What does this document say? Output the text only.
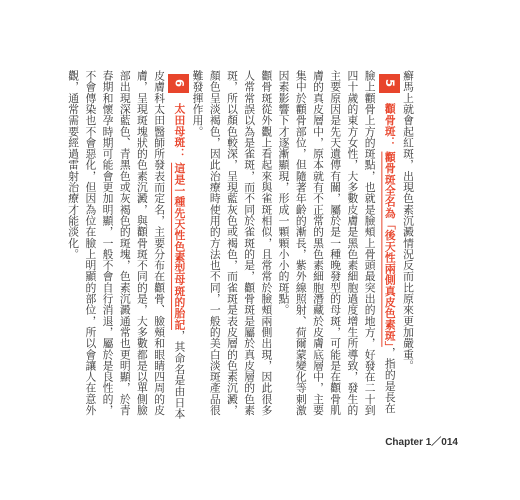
癬馬上就會起紅斑，出現色素沉澱情況反而比原來更加嚴重。

5 顴骨斑： 顴骨斑全名為「後天性兩側真皮色素斑」，指的是長在臉上顴骨上方的斑點，也就是臉頰上骨頭最突出的地方，好發在二十到四十歲的東方女性，大多數皮膚是黑色素細胞過度增生所導致，發生的主要原因是先天遺傳有關，屬於是一種晚發型的母斑，可能是在顴骨肌膚的真皮層中，原本就有不正常的黑色素細胞潛藏於皮膚底層中，主要集中於顴骨部位，但隨著年齡的漸長，紫外線照射、荷爾蒙變化等刺激因素影響下才逐漸顯現，形成一顆顆小小的斑點。

顴骨斑從外觀上看起來與雀斑相似，且常常於臉頰兩側出現，因此很多人常常誤以為是雀斑，而不同於雀斑的是，顴骨斑是屬於真皮層的色素斑，所以顏色較深，呈現藍灰色或褐色，而雀斑是表皮層的色素沉澱，顏色呈淡褐色，因此治療時使用的方法也不同，一般的美白淡斑產品很難發揮作用。

6 太田母斑： 這是一種先天性色素型母斑的胎記，其命名是由日本皮膚科太田醫師所發表而定名，主要分布在顴骨、臉頰和眼睛四周的皮膚，呈現斑塊狀的色素沉澱，與顴骨斑不同的是，大多數都是以單側臉部出現深藍色、青黑色或灰褐色的斑塊，色素沉澱通常也更明顯，於青春期和懷孕時期可能會更加明顯，一般不會自行消退，屬於是良性的，不會傳染也不會惡化，但因為位在臉上明顯的部位，所以會讓人在意外觀，通常需要經過雷射治療才能淡化。

Chapter 1／014
